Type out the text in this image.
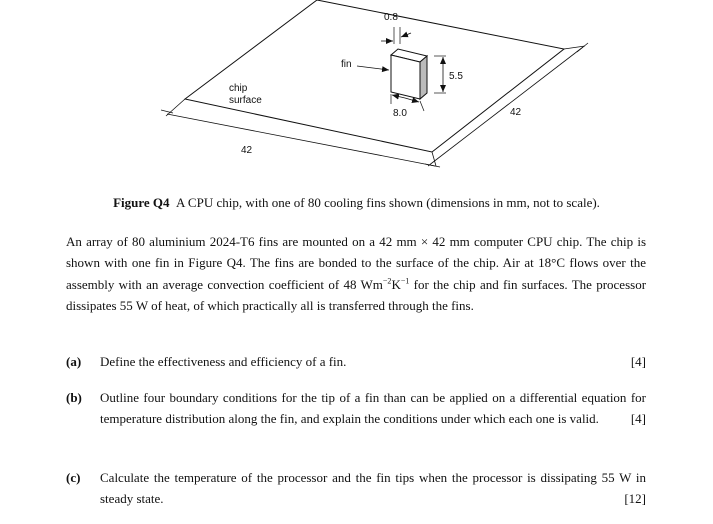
0.8
fin
5.5
8.0
chip
surface
42
42
Figure Q4 A CPU chip, with one of 80 cooling fins shown (dimensions in mm, not to scale).
An array of 80 aluminium 2024-T6 fins are mounted on a 42 mm × 42 mm computer CPU chip. The chip is shown with one fin in Figure Q4. The fins are bonded to the surface of the chip. Air at 18°C flows over the assembly with an average convection coefficient of 48 $Wm^{-2}K^{-1}$ for the chip and fin surfaces. The processor dissipates 55 W of heat, of which practically all is transferred through the fins.
(a) Define the effectiveness and efficiency of a fin.	[4]
(b) Outline four boundary conditions for the tip of a fin than can be applied on a differential equation for temperature distribution along the fin, and explain the conditions under which each one is valid.	[4]
(c) Calculate the temperature of the processor and the fin tips when the processor is dissipating 55 W in steady state.	[12]
